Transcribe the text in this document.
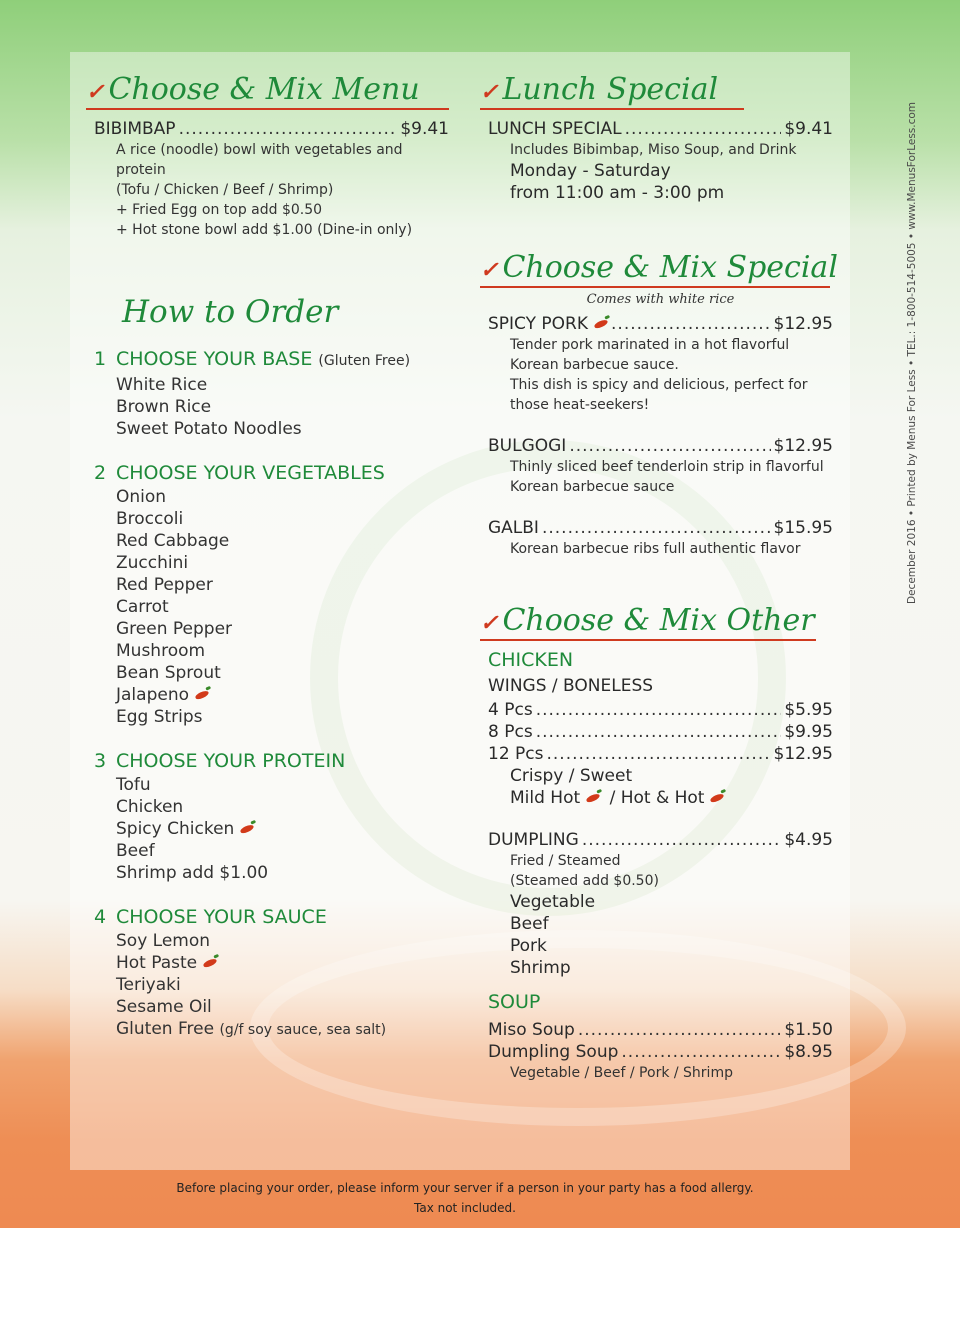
December 2016 • Printed by Menus For Less • TEL.: 1-800-514-5005 • www.MenusForLess.com
✓ Choose & Mix Menu
BIBIMBAP .....	$9.41
A rice (noodle) bowl with vegetables and protein
(Tofu / Chicken / Beef / Shrimp)
+ Fried Egg on top add $0.50
+ Hot stone bowl add $1.00 (Dine-in only)
How to Order
1 CHOOSE YOUR BASE (Gluten Free)
White Rice
Brown Rice
Sweet Potato Noodles
2 CHOOSE YOUR VEGETABLES
Onion
Broccoli
Red Cabbage
Zucchini
Red Pepper
Carrot
Green Pepper
Mushroom
Bean Sprout
Jalapeno
Egg Strips
3 CHOOSE YOUR PROTEIN
Tofu
Chicken
Spicy Chicken
Beef
Shrimp add $1.00
4 CHOOSE YOUR SAUCE
Soy Lemon
Hot Paste
Teriyaki
Sesame Oil
Gluten Free (g/f soy sauce, sea salt)
✓ Lunch Special
LUNCH SPECIAL .....	$9.41
Includes Bibimbap, Miso Soup, and Drink
Monday - Saturday
from 11:00 am - 3:00 pm
✓ Choose & Mix Special
Comes with white rice
SPICY PORK .....	$12.95
Tender pork marinated in a hot flavorful
Korean barbecue sauce.
This dish is spicy and delicious, perfect for
those heat-seekers!
BULGOGI .....	$12.95
Thinly sliced beef tenderloin strip in flavorful
Korean barbecue sauce
GALBI .....	$15.95
Korean barbecue ribs full authentic flavor
✓ Choose & Mix Other
CHICKEN
WINGS / BONELESS
4 Pcs .....	$5.95
8 Pcs .....	$9.95
12 Pcs .....	$12.95
Crispy / Sweet
Mild Hot / Hot & Hot
DUMPLING .....	$4.95
Fried / Steamed
(Steamed add $0.50)
Vegetable
Beef
Pork
Shrimp
SOUP
Miso Soup .....	$1.50
Dumpling Soup .....	$8.95
Vegetable / Beef / Pork / Shrimp
Before placing your order, please inform your server if a person in your party has a food allergy.
Tax not included.
